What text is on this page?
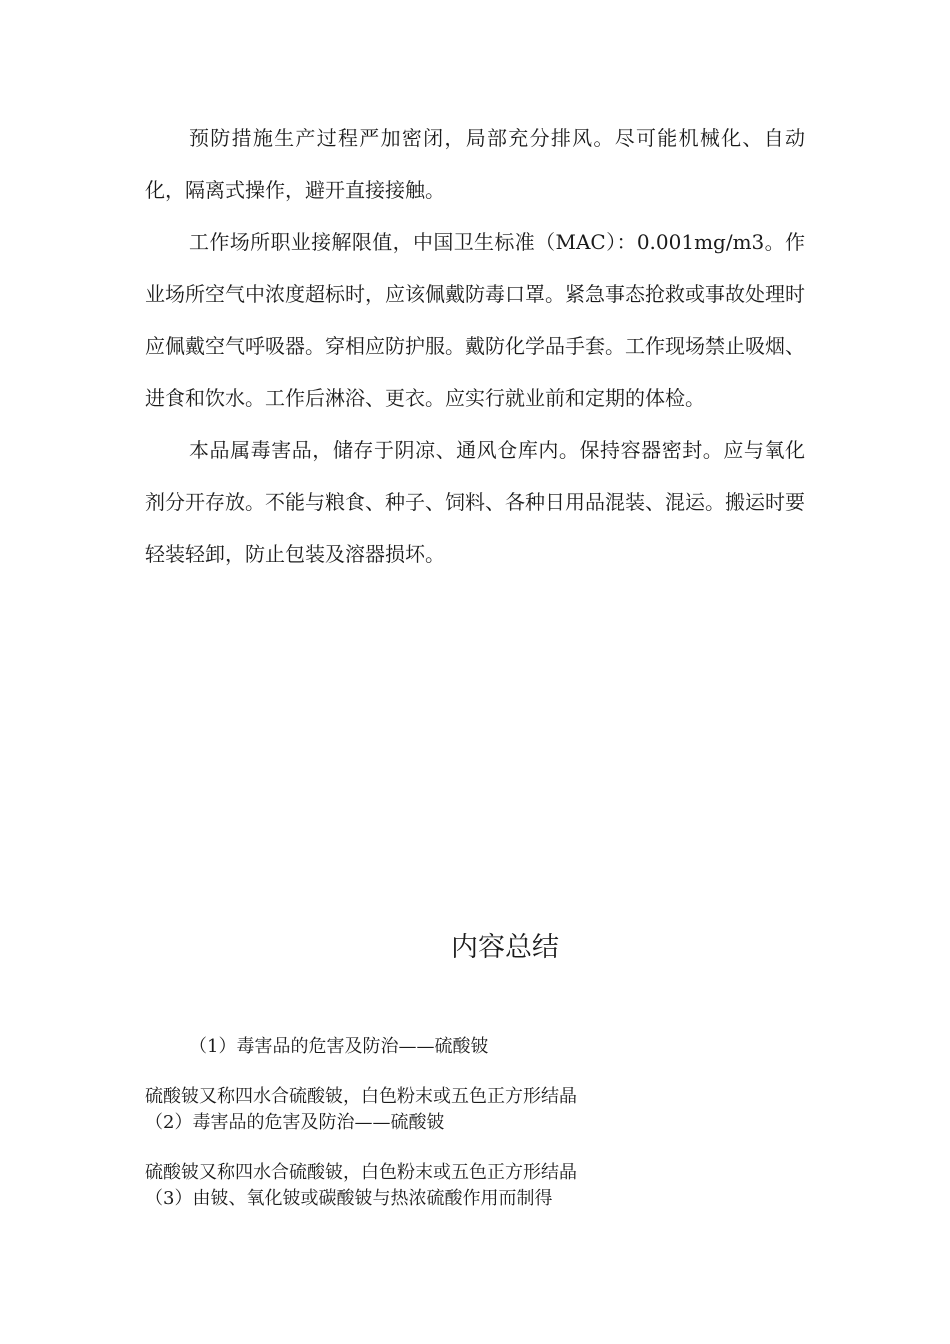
预防措施生产过程严加密闭，局部充分排风。尽可能机械化、自动化，隔离式操作，避开直接接触。

工作场所职业接解限值，中国卫生标准（MAC）：0.001mg/m3。作业场所空气中浓度超标时，应该佩戴防毒口罩。紧急事态抢救或事故处理时应佩戴空气呼吸器。穿相应防护服。戴防化学品手套。工作现场禁止吸烟、进食和饮水。工作后淋浴、更衣。应实行就业前和定期的体检。

本品属毒害品，储存于阴凉、通风仓库内。保持容器密封。应与氧化剂分开存放。不能与粮食、种子、饲料、各种日用品混装、混运。搬运时要轻装轻卸，防止包装及溶器损坏。

内容总结

（1）毒害品的危害及防治——硫酸铍

硫酸铍又称四水合硫酸铍，白色粉末或五色正方形结晶

（2）毒害品的危害及防治——硫酸铍

硫酸铍又称四水合硫酸铍，白色粉末或五色正方形结晶

（3）由铍、氧化铍或碳酸铍与热浓硫酸作用而制得
